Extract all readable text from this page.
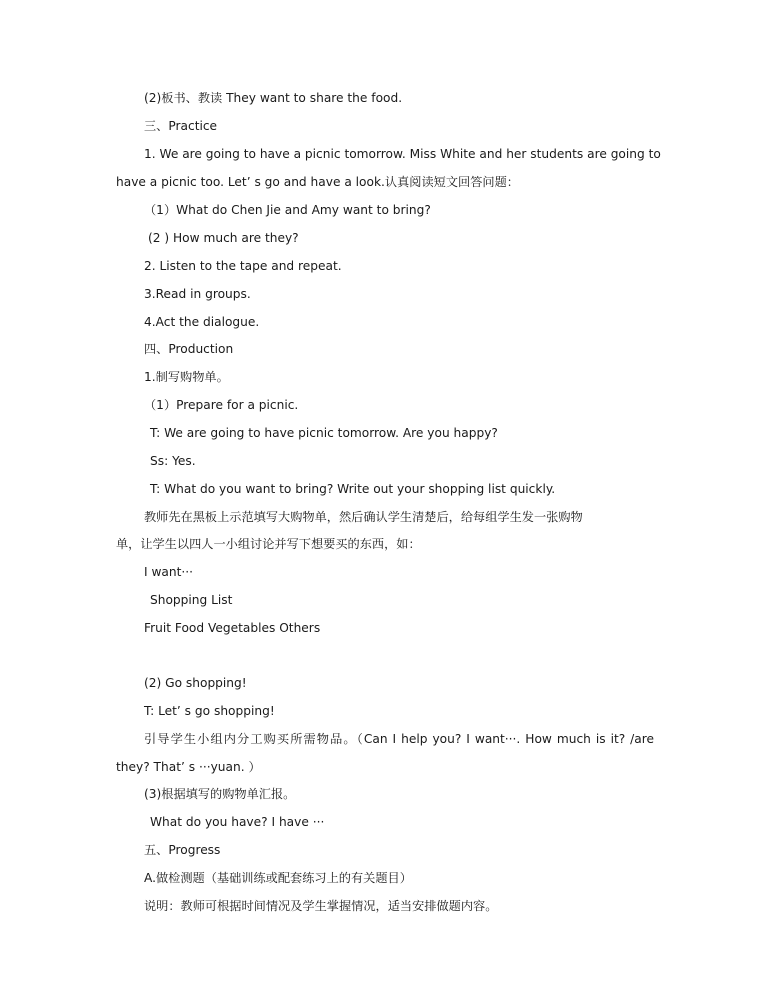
(2)板书、教读 They want to share the food.
三、Practice
1. We are going to have a picnic tomorrow. Miss White and her students are going to
have a picnic too. Let’ s go and have a look.认真阅读短文回答问题：
（1）What do Chen Jie and Amy want to bring?
(2 ) How much are they?
2. Listen to the tape and repeat.
3.Read in groups.
4.Act the dialogue.
四、Production
1.制写购物单。
（1）Prepare for a picnic.
T: We are going to have picnic tomorrow. Are you happy?
Ss: Yes.
T: What do you want to bring? Write out your shopping list quickly.
教师先在黑板上示范填写大购物单，然后确认学生清楚后，给每组学生发一张购物
单，让学生以四人一小组讨论并写下想要买的东西，如：
I want···
Shopping List
Fruit Food Vegetables Others
(2) Go shopping!
T: Let’ s go shopping!
引导学生小组内分工购买所需物品。（Can I help you? I want···. How much is it? /are
they? That’ s ···yuan. ）
(3)根据填写的购物单汇报。
What do you have? I have ···
五、Progress
A.做检测题（基础训练或配套练习上的有关题目）
说明：教师可根据时间情况及学生掌握情况，适当安排做题内容。
